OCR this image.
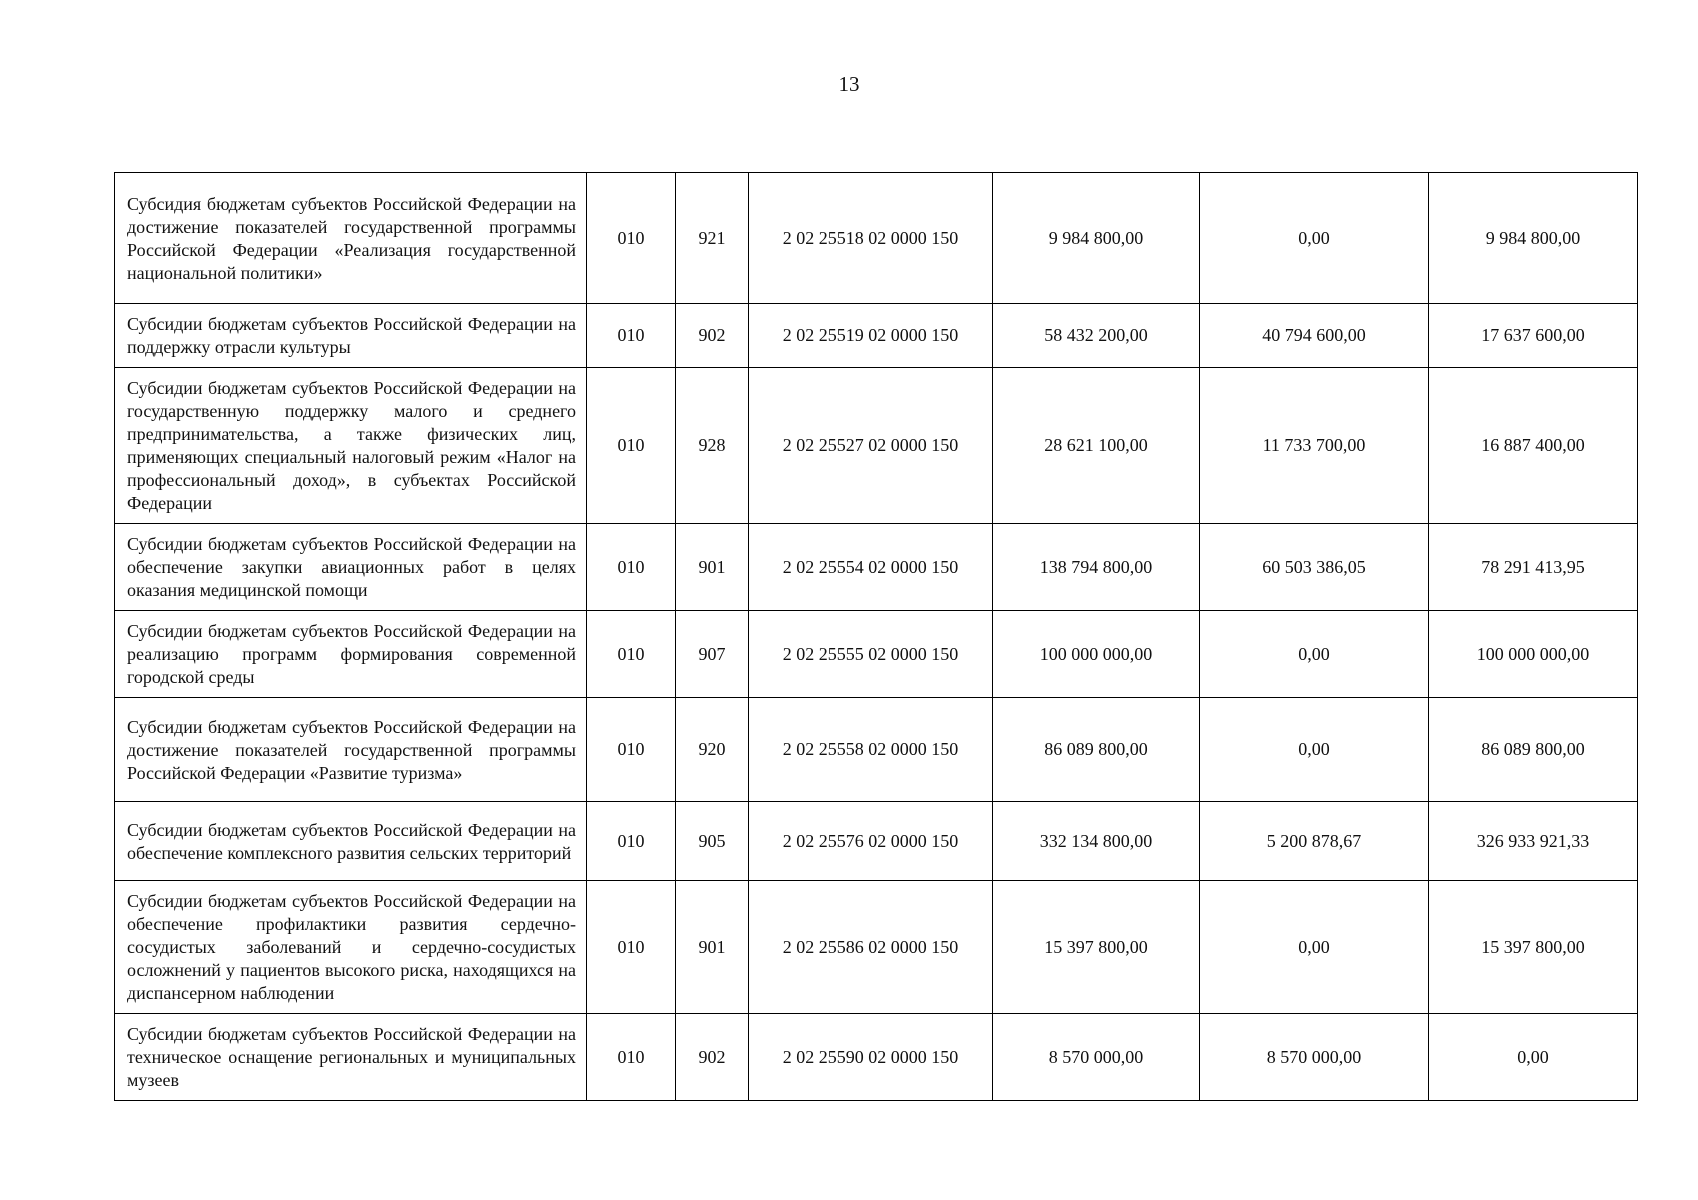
13
Субсидия бюджетам субъектов Российской Федерации на достижение показателей государственной программы Российской Федерации «Реализация государственной национальной политики»	010	921	2 02 25518 02 0000 150	9 984 800,00	0,00	9 984 800,00
Субсидии бюджетам субъектов Российской Федерации на поддержку отрасли культуры	010	902	2 02 25519 02 0000 150	58 432 200,00	40 794 600,00	17 637 600,00
Субсидии бюджетам субъектов Российской Федерации на государственную поддержку малого и среднего предпринимательства, а также физических лиц, применяющих специальный налоговый режим «Налог на профессиональный доход», в субъектах Российской Федерации	010	928	2 02 25527 02 0000 150	28 621 100,00	11 733 700,00	16 887 400,00
Субсидии бюджетам субъектов Российской Федерации на обеспечение закупки авиационных работ в целях оказания медицинской помощи	010	901	2 02 25554 02 0000 150	138 794 800,00	60 503 386,05	78 291 413,95
Субсидии бюджетам субъектов Российской Федерации на реализацию программ формирования современной городской среды	010	907	2 02 25555 02 0000 150	100 000 000,00	0,00	100 000 000,00
Субсидии бюджетам субъектов Российской Федерации на достижение показателей государственной программы Российской Федерации «Развитие туризма»	010	920	2 02 25558 02 0000 150	86 089 800,00	0,00	86 089 800,00
Субсидии бюджетам субъектов Российской Федерации на обеспечение комплексного развития сельских территорий	010	905	2 02 25576 02 0000 150	332 134 800,00	5 200 878,67	326 933 921,33
Субсидии бюджетам субъектов Российской Федерации на обеспечение профилактики развития сердечно-сосудистых заболеваний и сердечно-сосудистых осложнений у пациентов высокого риска, находящихся на диспансерном наблюдении	010	901	2 02 25586 02 0000 150	15 397 800,00	0,00	15 397 800,00
Субсидии бюджетам субъектов Российской Федерации на техническое оснащение региональных и муниципальных музеев	010	902	2 02 25590 02 0000 150	8 570 000,00	8 570 000,00	0,00
